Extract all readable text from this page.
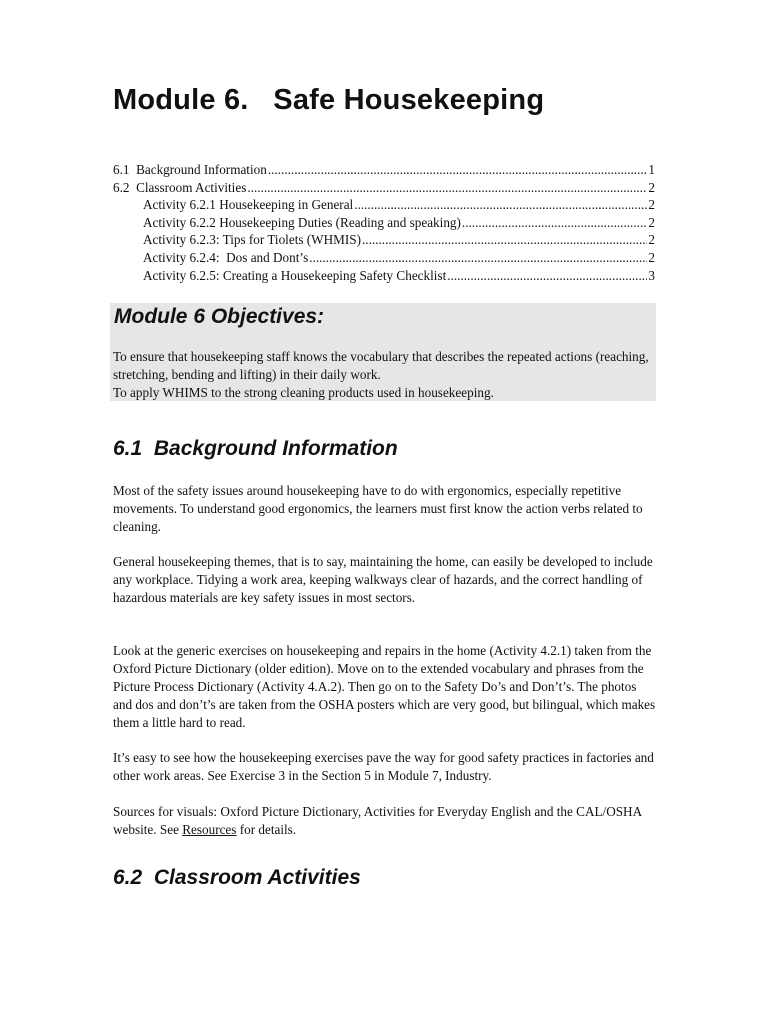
Module 6.   Safe Housekeeping
6.1  Background Information .....	1
6.2  Classroom Activities .....	2
Activity 6.2.1 Housekeeping in General .....	2
Activity 6.2.2 Housekeeping Duties (Reading and speaking) .....	2
Activity 6.2.3: Tips for Tiolets (WHMIS) .....	2
Activity 6.2.4:  Dos and Dont’s .....	2
Activity 6.2.5: Creating a Housekeeping Safety Checklist .....	3
Module 6 Objectives:
To ensure that housekeeping staff knows the vocabulary that describes the repeated actions (reaching, stretching, bending and lifting) in their daily work.
To apply WHIMS to the strong cleaning products used in housekeeping.
6.1  Background Information

Most of the safety issues around housekeeping have to do with ergonomics, especially repetitive movements. To understand good ergonomics, the learners must first know the action verbs related to cleaning.

General housekeeping themes, that is to say, maintaining the home, can easily be developed to include any workplace. Tidying a work area, keeping walkways clear of hazards, and the correct handling of hazardous materials are key safety issues in most sectors.

Look at the generic exercises on housekeeping and repairs in the home (Activity 4.2.1) taken from the Oxford Picture Dictionary (older edition). Move on to the extended vocabulary and phrases from the Picture Process Dictionary (Activity 4.A.2). Then go on to the Safety Do’s and Don’t’s. The photos and dos and don’t’s are taken from the OSHA posters which are very good, but bilingual, which makes them a little hard to read.

It’s easy to see how the housekeeping exercises pave the way for good safety practices in factories and other work areas. See Exercise 3 in the Section 5 in Module 7, Industry.

Sources for visuals: Oxford Picture Dictionary, Activities for Everyday English and the CAL/OSHA website. See Resources for details.

6.2  Classroom Activities
